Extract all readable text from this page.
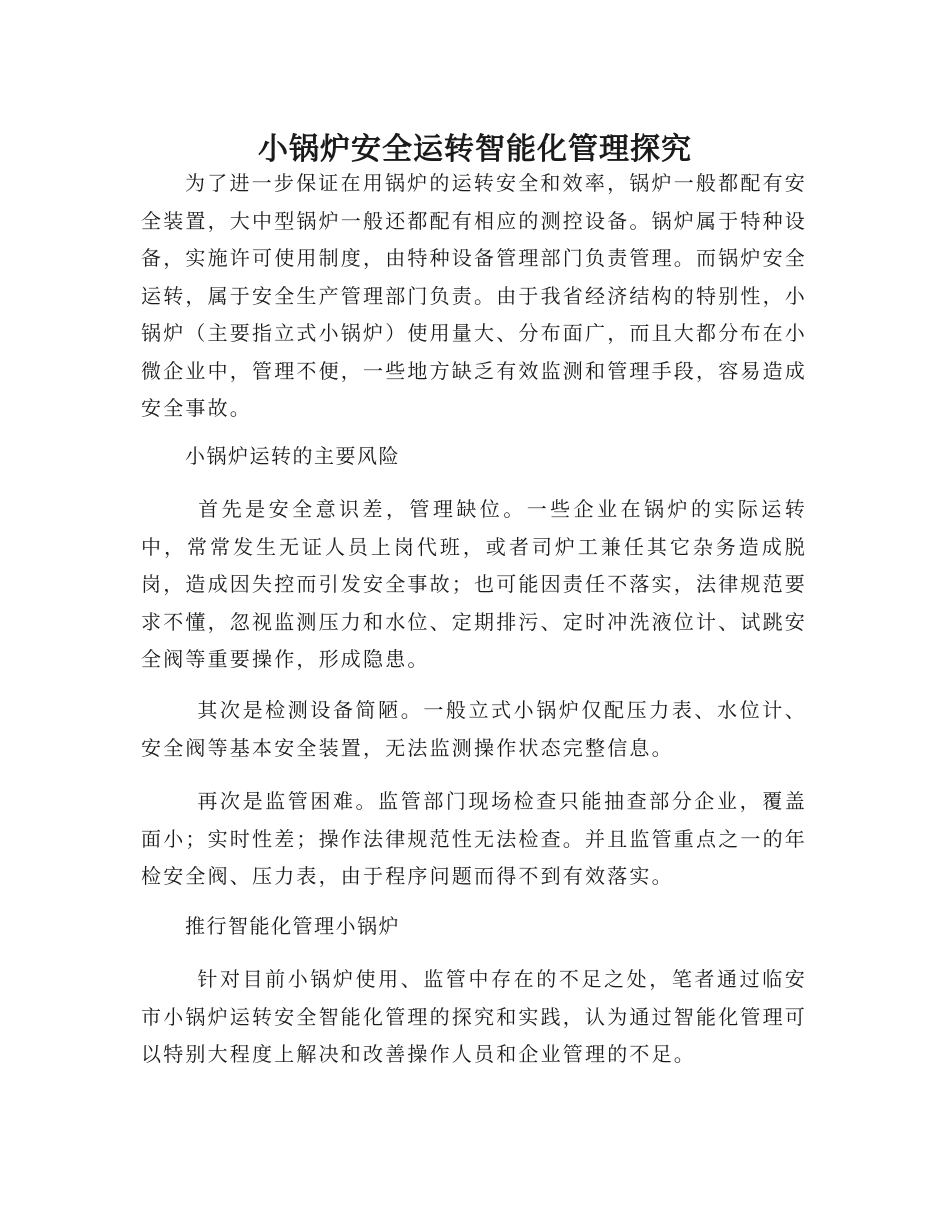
小锅炉安全运转智能化管理探究

为了进一步保证在用锅炉的运转安全和效率，锅炉一般都配有安全装置，大中型锅炉一般还都配有相应的测控设备。锅炉属于特种设备，实施许可使用制度，由特种设备管理部门负责管理。而锅炉安全运转，属于安全生产管理部门负责。由于我省经济结构的特别性，小锅炉（主要指立式小锅炉）使用量大、分布面广，而且大都分布在小微企业中，管理不便，一些地方缺乏有效监测和管理手段，容易造成安全事故。

小锅炉运转的主要风险

首先是安全意识差，管理缺位。一些企业在锅炉的实际运转中，常常发生无证人员上岗代班，或者司炉工兼任其它杂务造成脱岗，造成因失控而引发安全事故；也可能因责任不落实，法律规范要求不懂，忽视监测压力和水位、定期排污、定时冲洗液位计、试跳安全阀等重要操作，形成隐患。

其次是检测设备简陋。一般立式小锅炉仅配压力表、水位计、安全阀等基本安全装置，无法监测操作状态完整信息。

再次是监管困难。监管部门现场检查只能抽查部分企业，覆盖面小；实时性差；操作法律规范性无法检查。并且监管重点之一的年检安全阀、压力表，由于程序问题而得不到有效落实。

推行智能化管理小锅炉

针对目前小锅炉使用、监管中存在的不足之处，笔者通过临安市小锅炉运转安全智能化管理的探究和实践，认为通过智能化管理可以特别大程度上解决和改善操作人员和企业管理的不足。
